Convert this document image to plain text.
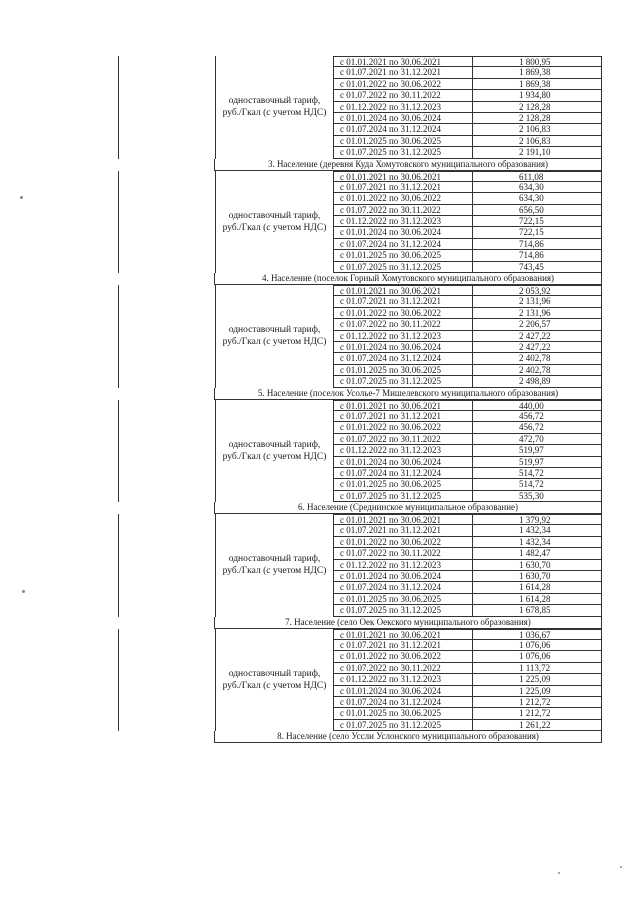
одноставочный тариф, руб./Гкал (с учетом НДС)
с 01.01.2021 по 30.06.2021	1 800,95
с 01.07.2021 по 31.12.2021	1 869,38
с 01.01.2022 по 30.06.2022	1 869,38
с 01.07.2022 по 30.11.2022	1 934,80
с 01.12.2022 по 31.12.2023	2 128,28
с 01.01.2024 по 30.06.2024	2 128,28
с 01.07.2024 по 31.12.2024	2 106,83
с 01.01.2025 по 30.06.2025	2 106,83
с 01.07.2025 по 31.12.2025	2 191,10
3. Население (деревня Куда Хомутовского муниципального образования)
одноставочный тариф, руб./Гкал (с учетом НДС)
с 01.01.2021 по 30.06.2021	611,08
с 01.07.2021 по 31.12.2021	634,30
с 01.01.2022 по 30.06.2022	634,30
с 01.07.2022 по 30.11.2022	656,50
с 01.12.2022 по 31.12.2023	722,15
с 01.01.2024 по 30.06.2024	722,15
с 01.07.2024 по 31.12.2024	714,86
с 01.01.2025 по 30.06.2025	714,86
с 01.07.2025 по 31.12.2025	743,45
4. Население (поселок Горный Хомутовского муниципального образования)
одноставочный тариф, руб./Гкал (с учетом НДС)
с 01.01.2021 по 30.06.2021	2 053,92
с 01.07.2021 по 31.12.2021	2 131,96
с 01.01.2022 по 30.06.2022	2 131,96
с 01.07.2022 по 30.11.2022	2 206,57
с 01.12.2022 по 31.12.2023	2 427,22
с 01.01.2024 по 30.06.2024	2 427,22
с 01.07.2024 по 31.12.2024	2 402,78
с 01.01.2025 по 30.06.2025	2 402,78
с 01.07.2025 по 31.12.2025	2 498,89
5. Население (поселок Усолье-7 Мишелевского муниципального образования)
одноставочный тариф, руб./Гкал (с учетом НДС)
с 01.01.2021 по 30.06.2021	440,00
с 01.07.2021 по 31.12.2021	456,72
с 01.01.2022 по 30.06.2022	456,72
с 01.07.2022 по 30.11.2022	472,70
с 01.12.2022 по 31.12.2023	519,97
с 01.01.2024 по 30.06.2024	519,97
с 01.07.2024 по 31.12.2024	514,72
с 01.01.2025 по 30.06.2025	514,72
с 01.07.2025 по 31.12.2025	535,30
6. Население (Среднинское муниципальное образование)
одноставочный тариф, руб./Гкал (с учетом НДС)
с 01.01.2021 по 30.06.2021	1 379,92
с 01.07.2021 по 31.12.2021	1 432,34
с 01.01.2022 по 30.06.2022	1 432,34
с 01.07.2022 по 30.11.2022	1 482,47
с 01.12.2022 по 31.12.2023	1 630,70
с 01.01.2024 по 30.06.2024	1 630,70
с 01.07.2024 по 31.12.2024	1 614,28
с 01.01.2025 по 30.06.2025	1 614,28
с 01.07.2025 по 31.12.2025	1 678,85
7. Население (село Оек Оекского муниципального образования)
одноставочный тариф, руб./Гкал (с учетом НДС)
с 01.01.2021 по 30.06.2021	1 036,67
с 01.07.2021 по 31.12.2021	1 076,06
с 01.01.2022 по 30.06.2022	1 076,06
с 01.07.2022 по 30.11.2022	1 113,72
с 01.12.2022 по 31.12.2023	1 225,09
с 01.01.2024 по 30.06.2024	1 225,09
с 01.07.2024 по 31.12.2024	1 212,72
с 01.01.2025 по 30.06.2025	1 212,72
с 01.07.2025 по 31.12.2025	1 261,22
8. Население (село Уссли Услонского муниципального образования)
